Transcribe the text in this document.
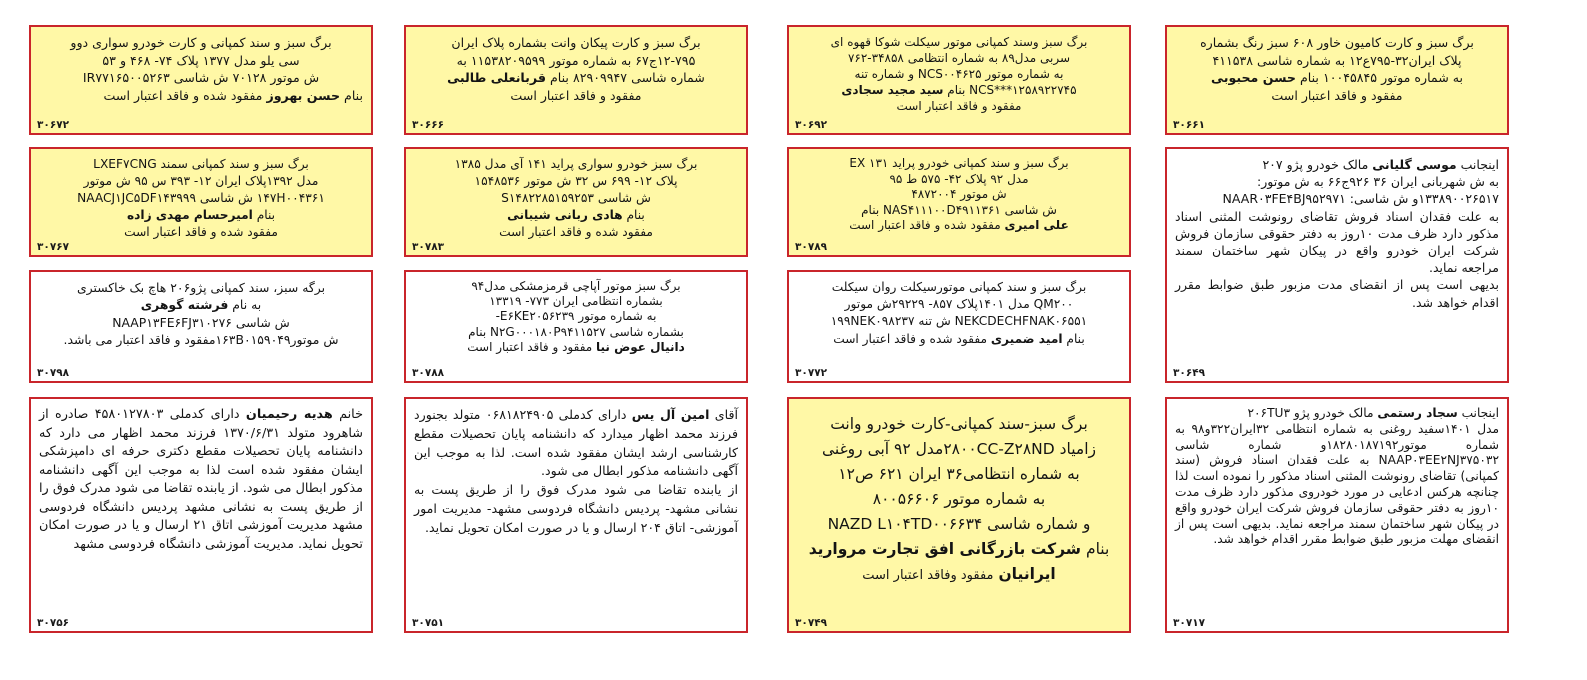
برگ سبز و سند کمپانی و کارت خودرو سواری دوو
سی یلو مدل ۱۳۷۷ پلاک ۷۴- ۴۶۸ و ۵۳
ش موتور ۷۰۱۲۸ ش شاسی IR۷۷۱۶۵۰۰۵۲۶۳
بنام حسن بهروز مفقود شده و فاقد اعتبار است
۳۰۶۷۲
برگ سبز و کارت پیکان وانت بشماره پلاک ایران
۱۲-۷۹۵ج۶۷ به شماره موتور ۱۱۵۳۸۲۰۹۵۹۹ به
شماره شاسی ۸۲۹۰۹۹۴۷ بنام قربانعلی طالبی
مفقود و فاقد اعتبار است
۳۰۶۶۶
برگ سبز وسند کمپانی موتور سیکلت شوکا قهوه ای
سربی مدل۸۹ به شماره انتظامی ۳۴۸۵۸-۷۶۲
به شماره موتور NCS۰۰۴۶۲۵ و شماره تنه
NCS***۱۲۵۸۹۲۲۷۴۵ بنام سید مجید سجادی
مفقود و فاقد اعتبار است
۳۰۶۹۲
برگ سبز و کارت کامیون خاور ۶۰۸ سبز رنگ بشماره
پلاک ایران۳۲-۷۹۵ع۱۲ به شماره شاسی ۴۱۱۵۳۸
به شماره موتور ۱۰۰۴۵۸۴۵ بنام حسن محبوبی
مفقود و فاقد اعتبار است
۳۰۶۶۱
برگ سبز و سند کمپانی سمند LXEF۷CNG
مدل ۱۳۹۲پلاک ایران ۱۲- ۳۹۳ س ۹۵ ش موتور
۱۴۷H۰۰۴۳۶۱ ش شاسی NAACJ۱JC۵DF۱۴۳۹۹۹
بنام امیرحسام مهدی زاده
مفقود شده و فاقد اعتبار است
۳۰۷۶۷
برگ سبز خودرو سواری پراید ۱۴۱ آی مدل ۱۳۸۵
پلاک ۱۲- ۶۹۹ س ۳۲ ش موتور ۱۵۴۸۵۳۶
ش شاسی S۱۴۸۲۲۸۵۱۵۹۲۵۳
بنام هادی ربانی شیبانی
مفقود شده و فاقد اعتبار است
۳۰۷۸۳
برگ سبز و سند کمپانی خودرو پراید EX ۱۳۱
مدل ۹۲ پلاک ۴۲- ۵۷۵ ط ۹۵
ش موتور ۴۸۷۲۰۰۴
ش شاسی NAS۴۱۱۱۰۰D۴۹۱۱۳۶۱ بنام
علی امیری مفقود شده و فاقد اعتبار است
۳۰۷۸۹
اینجانب موسی گلیانی مالک خودرو پژو ۲۰۷
به ش شهربانی ایران ۳۶ ۹۲۶ج۶۶ به ش موتور:
۱۳۳۸۹۰۰۲۶۵۱۷و ش شاسی: NAAR۰۳FE۴BJ۹۵۲۹۷۱
به علت فقدان اسناد فروش تقاضای رونوشت المثنی اسناد مذکور دارد ظرف مدت ۱۰روز به دفتر حقوقی سازمان فروش شرکت ایران خودرو واقع در پیکان شهر ساختمان سمند مراجعه نماید.
بدیهی است پس از انقضای مدت مزبور طبق ضوابط مقرر اقدام خواهد شد.
۳۰۶۴۹
برگه سبز، سند کمپانی پژو۲۰۶ هاچ بک خاکستری
به نام فرشته گوهری
ش شاسی NAAP۱۳FE۶FJ۳۱۰۲۷۶
ش موتور۱۶۳B۰۱۵۹۰۴۹مفقود و فاقد اعتبار می باشد.
۳۰۷۹۸
برگ سبز موتور آپاچی قرمزمشکی مدل۹۴
بشماره انتظامی ایران ۷۷۳- ۱۳۳۱۹
به شماره موتور E۶KE۲۰۵۶۲۳۹-
بشماره شاسی N۲G۰۰۰۱۸۰P۹۴۱۱۵۲۷ بنام
دانیال عوض نیا مفقود و فاقد اعتبار است
۳۰۷۸۸
برگ سبز و سند کمپانی موتورسیکلت روان سیکلت
QM۲۰۰ مدل ۱۴۰۱پلاک ۸۵۷- ۲۹۲۲۹ش موتور
NEKCDECHFNAK۰۶۵۵۱ ش تنه ۱۹۹NEK۰۹۸۲۳۷
بنام امید ضمیری مفقود شده و فاقد اعتبار است
۳۰۷۷۲
خانم هدیه رحیمیان دارای کدملی ۴۵۸۰۱۲۷۸۰۳ صادره از شاهرود متولد ۱۳۷۰/۶/۳۱ فرزند محمد اظهار می دارد که دانشنامه پایان تحصیلات مقطع دکتری حرفه ای دامپزشکی ایشان مفقود شده است لذا به موجب این آگهی دانشنامه مذکور ابطال می شود. از یابنده تقاضا می شود مدرک فوق را از طریق پست به نشانی مشهد پردیس دانشگاه فردوسی مشهد مدیریت آموزشی اتاق ۲۱ ارسال و یا در صورت امکان تحویل نماید. مدیریت آموزشی دانشگاه فردوسی مشهد
۳۰۷۵۶
آقای امین آل یس دارای کدملی ۰۶۸۱۸۲۴۹۰۵ متولد بجنورد فرزند محمد اظهار میدارد که دانشنامه پایان تحصیلات مقطع کارشناسی ارشد ایشان مفقود شده است. لذا به موجب این آگهی دانشنامه مذکور ابطال می شود.
از یابنده تقاضا می شود مدرک فوق را از طریق پست به نشانی مشهد- پردیس دانشگاه فردوسی مشهد- مدیریت امور آموزشی- اتاق ۲۰۴ ارسال و یا در صورت امکان تحویل نماید.
۳۰۷۵۱
برگ سبز-سند کمپانی-کارت خودرو وانت
زامیاد ۲۸۰۰CC-Z۲۸NDمدل ۹۲ آبی روغنی
به شماره انتظامی۳۶ ایران ۶۲۱ ص۱۲
به شماره موتور ۸۰۰۵۶۶۰۶
و شماره شاسی NAZD L۱۰۴TD۰۰۶۶۳۴
بنام شرکت بازرگانی افق تجارت مروارید
ایرانیان مفقود وفاقد اعتبار است
۳۰۷۴۹
اینجانب سجاد رستمی مالک خودرو پژو ۲۰۶TU۳
مدل ۱۴۰۱سفید روغنی به شماره انتظامی ۳۲ایران۳۲۲و۹۸ به شماره موتور۱۸۲۸۰۱۸۷۱۹۲و شماره شاسی NAAP۰۳EE۲NJ۳۷۵۰۳۲ به علت فقدان اسناد فروش (سند کمپانی) تقاضای رونوشت المثنی اسناد مذکور را نموده است لذا چنانچه هرکس ادعایی در مورد خودروی مذکور دارد ظرف مدت ۱۰روز به دفتر حقوقی سازمان فروش شرکت ایران خودرو واقع در پیکان شهر ساختمان سمند مراجعه نماید. بدیهی است پس از انقضای مهلت مزبور طبق ضوابط مقرر اقدام خواهد شد.
۳۰۷۱۷
